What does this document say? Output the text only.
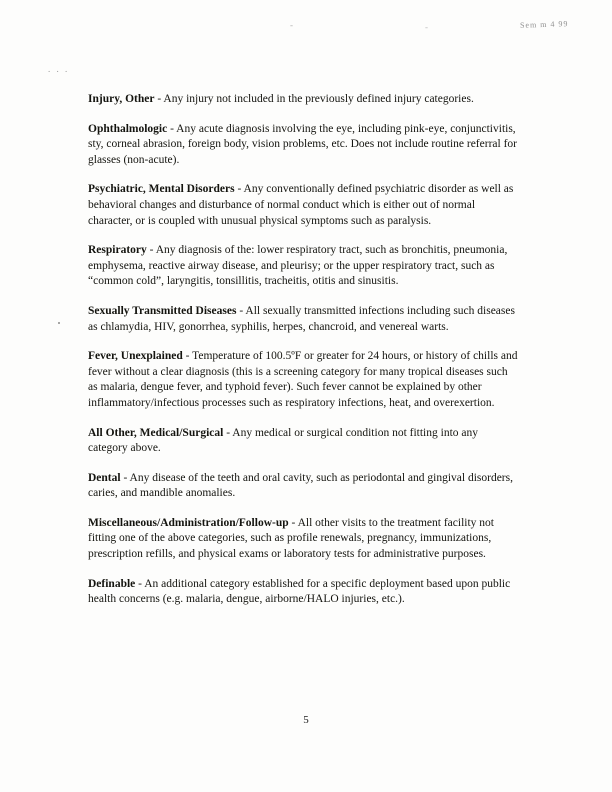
-	-	Sem m 4 99
. . .

Injury, Other - Any injury not included in the previously defined injury categories.

Ophthalmologic - Any acute diagnosis involving the eye, including pink-eye, conjunctivitis, sty, corneal abrasion, foreign body, vision problems, etc. Does not include routine referral for glasses (non-acute).

Psychiatric, Mental Disorders - Any conventionally defined psychiatric disorder as well as behavioral changes and disturbance of normal conduct which is either out of normal character, or is coupled with unusual physical symptoms such as paralysis.

Respiratory - Any diagnosis of the: lower respiratory tract, such as bronchitis, pneumonia, emphysema, reactive airway disease, and pleurisy; or the upper respiratory tract, such as “common cold”, laryngitis, tonsillitis, tracheitis, otitis and sinusitis.

Sexually Transmitted Diseases - All sexually transmitted infections including such diseases as chlamydia, HIV, gonorrhea, syphilis, herpes, chancroid, and venereal warts.

Fever, Unexplained - Temperature of 100.5ºF or greater for 24 hours, or history of chills and fever without a clear diagnosis (this is a screening category for many tropical diseases such as malaria, dengue fever, and typhoid fever). Such fever cannot be explained by other inflammatory/infectious processes such as respiratory infections, heat, and overexertion.

All Other, Medical/Surgical - Any medical or surgical condition not fitting into any category above.

Dental - Any disease of the teeth and oral cavity, such as periodontal and gingival disorders, caries, and mandible anomalies.

Miscellaneous/Administration/Follow-up - All other visits to the treatment facility not fitting one of the above categories, such as profile renewals, pregnancy, immunizations, prescription refills, and physical exams or laboratory tests for administrative purposes.

Definable - An additional category established for a specific deployment based upon public health concerns (e.g. malaria, dengue, airborne/HALO injuries, etc.).

5
